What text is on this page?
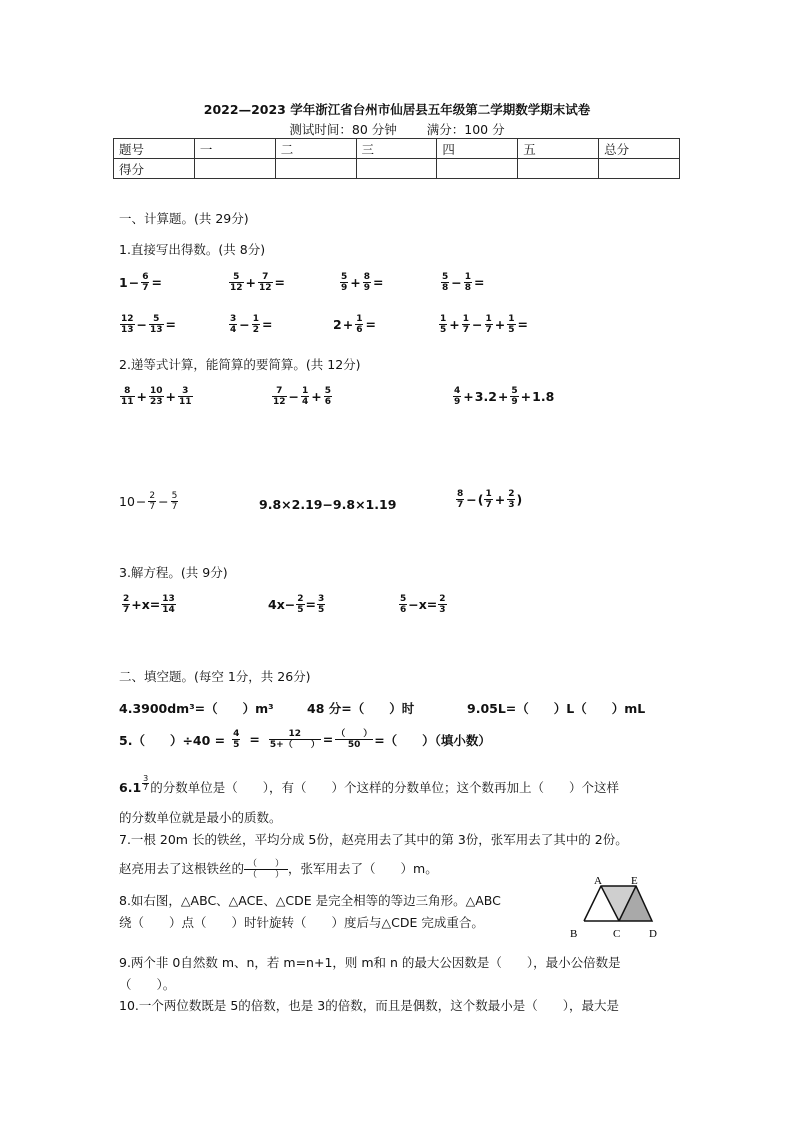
2022—2023 学年浙江省台州市仙居县五年级第二学期数学期末试卷
测试时间：80 分钟 满分：100 分
题号	一	二	三	四	五	总分
得分						
一、计算题。(共 29分)
1.直接写出得数。(共 8分)
$1 - \frac{6}{7}$ =	$\frac{5}{12} + \frac{7}{12}$ =	$\frac{5}{9} + \frac{8}{9}$ =	$\frac{5}{8} - \frac{1}{8}$ =
$\frac{12}{13} - \frac{5}{13}$ =	$\frac{3}{4} - \frac{1}{2}$ =	$2 + \frac{1}{6}$ =	$\frac{1}{5} + \frac{1}{7} - \frac{1}{7} + \frac{1}{5}$ =
2.递等式计算，能简算的要简算。(共 12分)
$\frac{8}{11} + \frac{10}{23} + \frac{3}{11}$	$\frac{7}{12} - \frac{1}{4} + \frac{5}{6}$	$\frac{4}{9} + 3.2 + \frac{5}{9} + 1.8$
$10 - \frac{2}{7} - \frac{5}{7}$	9.8×2.19−9.8×1.19	$\frac{8}{7}$ − ( $\frac{1}{7} + \frac{2}{3}$ )
3.解方程。(共 9分)
$\frac{2}{7} +x= \frac{13}{14}$	$4x- \frac{2}{5} = \frac{3}{5}$	$\frac{5}{6} -x= \frac{2}{3}$
二、填空题。(每空 1分，共 26分)
4.3900dm³=（　　）m³	48 分=（　　）时	9.05L=（　　）L（　　）mL
5.（　　）$\div 40 = \frac{4}{5} = \frac{12}{5+( )} = \frac{( )}{50}$ =（　　）（填小数）
$6.1 \frac{3}{7}$ 的分数单位是（　　），有（　　）个这样的分数单位；这个数再加上（　　）个这样
的分数单位就是最小的质数。
7.一根 20m 长的铁丝，平均分成 5份，赵亮用去了其中的第 3份，张军用去了其中的 2份。
赵亮用去了这根铁丝的 $\frac{( )}{( )}$ ，张军用去了（　　）m。
8.如右图，△ABC、△ACE、△CDE 是完全相等的等边三角形。△ABC
绕（　　）点（　　）时针旋转（　　）度后与△CDE 完成重合。
A	E
B	C	D
9.两个非 0自然数 m、n，若 m=n+1，则 m和 n 的最大公因数是（　　），最小公倍数是
（　　）。
10.一个两位数既是 5的倍数，也是 3的倍数，而且是偶数，这个数最小是（　　），最大是
